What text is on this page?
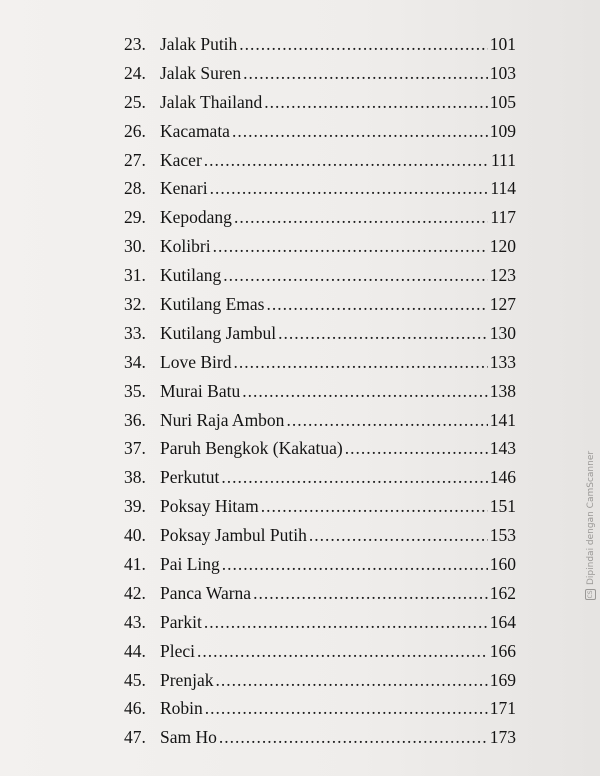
23. Jalak Putih .....	101
24. Jalak Suren .....	103
25. Jalak Thailand .....	105
26. Kacamata .....	109
27. Kacer .....	111
28. Kenari .....	114
29. Kepodang .....	117
30. Kolibri .....	120
31. Kutilang .....	123
32. Kutilang Emas .....	127
33. Kutilang Jambul .....	130
34. Love Bird .....	133
35. Murai Batu .....	138
36. Nuri Raja Ambon .....	141
37. Paruh Bengkok (Kakatua) .....	143
38. Perkutut .....	146
39. Poksay Hitam .....	151
40. Poksay Jambul Putih .....	153
41. Pai Ling .....	160
42. Panca Warna .....	162
43. Parkit .....	164
44. Pleci .....	166
45. Prenjak .....	169
46. Robin .....	171
47. Sam Ho .....	173
CS
Dipindai dengan CamScanner
